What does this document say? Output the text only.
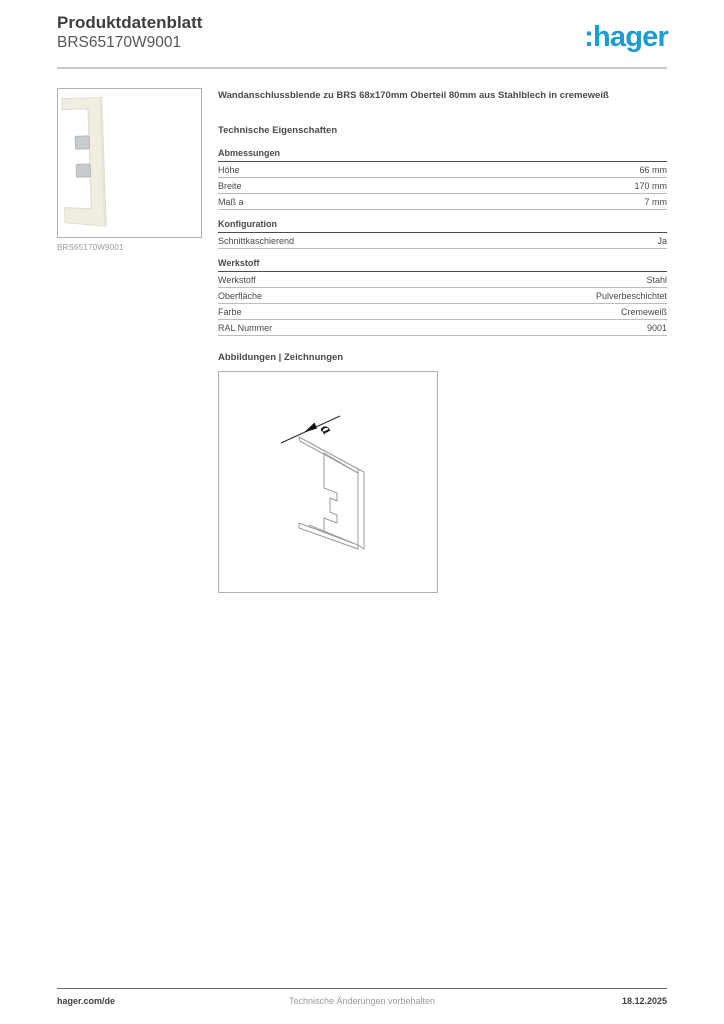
Produktdatenblatt
BRS65170W9001	:hager
BRS65170W9001
Wandanschlussblende zu BRS 68x170mm Oberteil 80mm aus Stahlblech in cremeweiß
Technische Eigenschaften
Abmessungen
Höhe	66 mm
Breite	170 mm
Maß a	7 mm
Konfiguration
Schnittkaschierend	Ja
Werkstoff
Werkstoff	Stahl
Oberfläche	Pulverbeschichtet
Farbe	Cremeweiß
RAL Nummer	9001
Abbildungen | Zeichnungen
a
hager.com/de	Technische Änderungen vorbehalten	18.12.2025
